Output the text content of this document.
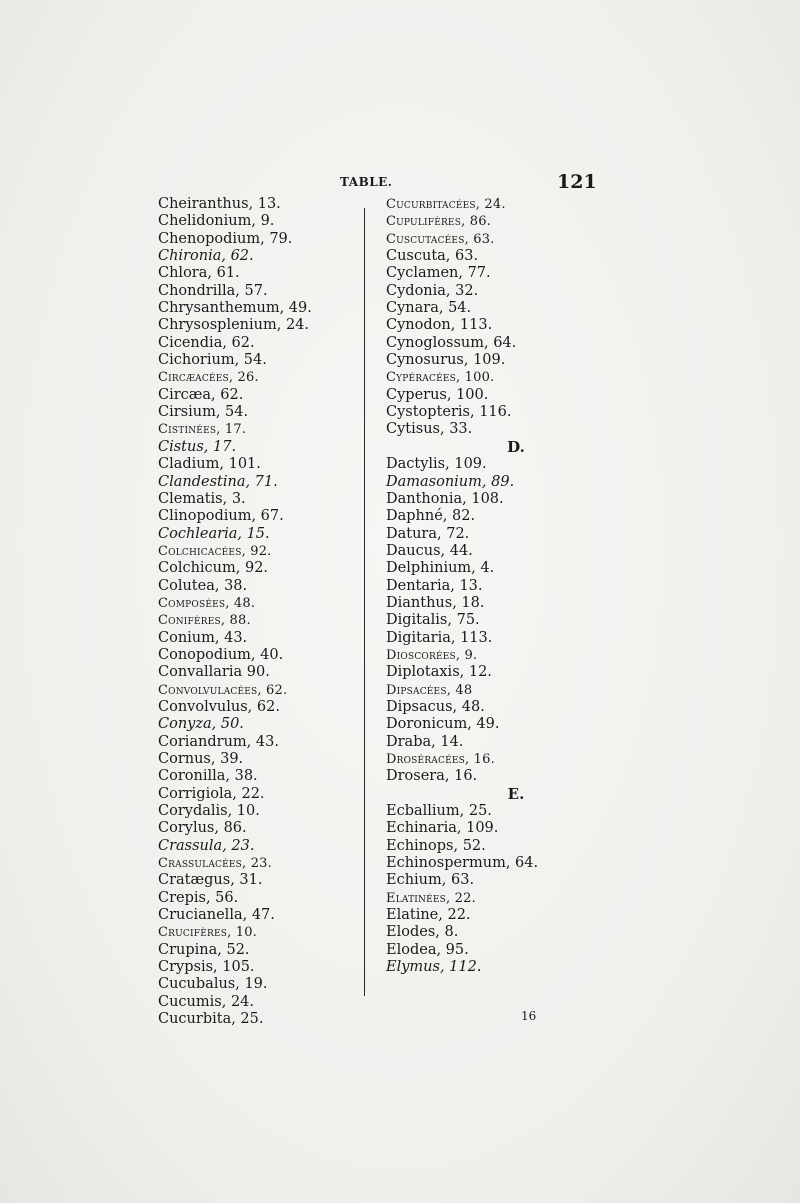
TABLE.	121
Cheiranthus, 13.
Chelidonium, 9.
Chenopodium, 79.
Chironia, 62.
Chlora, 61.
Chondrilla, 57.
Chrysanthemum, 49.
Chrysosplenium, 24.
Cicendia, 62.
Cichorium, 54.
Circæacées, 26.
Circæa, 62.
Cirsium, 54.
Cistinées, 17.
Cistus, 17.
Cladium, 101.
Clandestina, 71.
Clematis, 3.
Clinopodium, 67.
Cochlearia, 15.
Colchicacées, 92.
Colchicum, 92.
Colutea, 38.
Composées, 48.
Conifères, 88.
Conium, 43.
Conopodium, 40.
Convallaria 90.
Convolvulacées, 62.
Convolvulus, 62.
Conyza, 50.
Coriandrum, 43.
Cornus, 39.
Coronilla, 38.
Corrigiola, 22.
Corydalis, 10.
Corylus, 86.
Crassula, 23.
Crassulacées, 23.
Cratægus, 31.
Crepis, 56.
Crucianella, 47.
Crucifères, 10.
Crupina, 52.
Crypsis, 105.
Cucubalus, 19.
Cucumis, 24.
Cucurbita, 25.
Cucurbitacées, 24.
Cupulifères, 86.
Cuscutacées, 63.
Cuscuta, 63.
Cyclamen, 77.
Cydonia, 32.
Cynara, 54.
Cynodon, 113.
Cynoglossum, 64.
Cynosurus, 109.
Cypéracées, 100.
Cyperus, 100.
Cystopteris, 116.
Cytisus, 33.
D.
Dactylis, 109.
Damasonium, 89.
Danthonia, 108.
Daphné, 82.
Datura, 72.
Daucus, 44.
Delphinium, 4.
Dentaria, 13.
Dianthus, 18.
Digitalis, 75.
Digitaria, 113.
Dioscorées, 9.
Diplotaxis, 12.
Dipsacées, 48
Dipsacus, 48.
Doronicum, 49.
Draba, 14.
Droséracées, 16.
Drosera, 16.
E.
Ecballium, 25.
Echinaria, 109.
Echinops, 52.
Echinospermum, 64.
Echium, 63.
Elatinées, 22.
Elatine, 22.
Elodes, 8.
Elodea, 95.
Elymus, 112.
16
